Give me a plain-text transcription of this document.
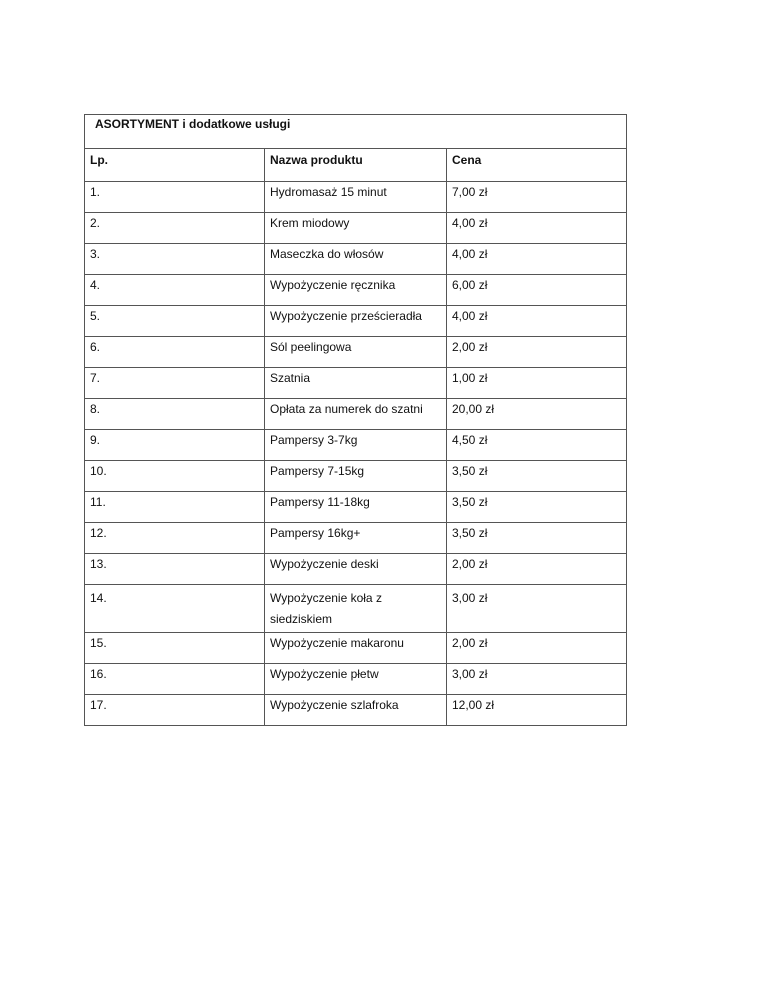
ASORTYMENT i dodatkowe usługi		
Lp.	Nazwa produktu	Cena
1.	Hydromasaż 15 minut	7,00 zł
2.	Krem miodowy	4,00 zł
3.	Maseczka do włosów	4,00 zł
4.	Wypożyczenie ręcznika	6,00 zł
5.	Wypożyczenie prześcieradła	4,00 zł
6.	Sól peelingowa	2,00 zł
7.	Szatnia	1,00 zł
8.	Opłata za numerek do szatni	20,00 zł
9.	Pampersy 3-7kg	4,50 zł
10.	Pampersy 7-15kg	3,50 zł
11.	Pampersy 11-18kg	3,50 zł
12.	Pampersy 16kg+	3,50 zł
13.	Wypożyczenie deski	2,00 zł
14.	Wypożyczenie koła z siedziskiem	3,00 zł
15.	Wypożyczenie makaronu	2,00 zł
16.	Wypożyczenie płetw	3,00 zł
17.	Wypożyczenie szlafroka	12,00 zł
